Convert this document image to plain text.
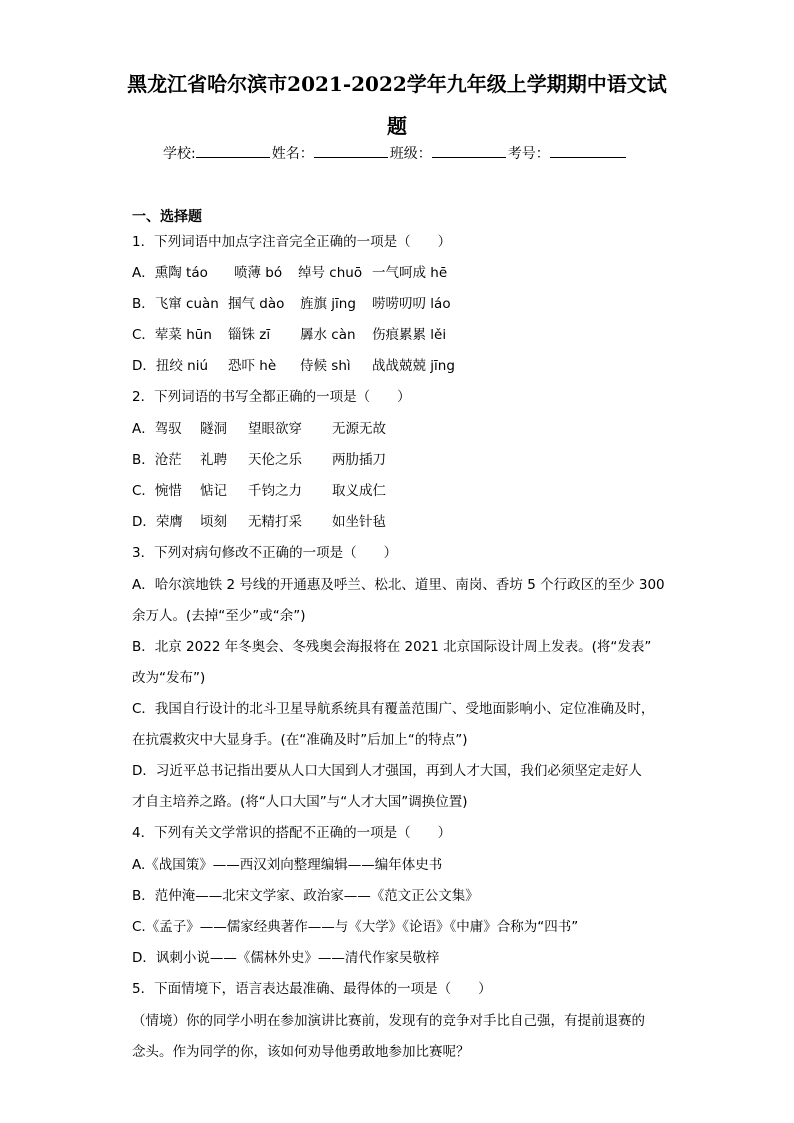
黑龙江省哈尔滨市2021-2022学年九年级上学期期中语文试
题
学校:	姓名：	班级：	考号：
一、选择题
1．下列词语中加点字注音完全正确的一项是（　　）
A．熏陶 táo 喷薄 bó 绰号 chuō 一气呵成 hē
B．飞窜 cuàn 掴气 dào 旌旗 jīng 唠唠叨叨 láo
C．荤菜 hūn 锱铢 zī 羼水 càn 伤痕累累 lěi
D．扭绞 niú 恐吓 hè 侍候 shì 战战兢兢 jīng
2．下列词语的书写全都正确的一项是（　　）
A．驾驭 隧洞 望眼欲穿 无源无故
B．沧茫 礼聘 天伦之乐 两肋插刀
C．惋惜 惦记 千钧之力 取义成仁
D．荣膺 顷刻 无精打采 如坐针毡
3．下列对病句修改不正确的一项是（　　）
A．哈尔滨地铁 2 号线的开通惠及呼兰、松北、道里、南岗、香坊 5 个行政区的至少 300
余万人。(去掉“至少”或“余”)
B．北京 2022 年冬奥会、冬残奥会海报将在 2021 北京国际设计周上发表。(将“发表”
改为“发布”)
C．我国自行设计的北斗卫星导航系统具有覆盖范围广、受地面影响小、定位准确及时，
在抗震救灾中大显身手。(在“准确及时”后加上“的特点”)
D．习近平总书记指出要从人口大国到人才强国，再到人才大国，我们必须坚定走好人
才自主培养之路。(将“人口大国”与“人才大国”调换位置)
4．下列有关文学常识的搭配不正确的一项是（　　）
A.《战国策》——西汉刘向整理编辑——编年体史书
B．范仲淹——北宋文学家、政治家——《范文正公文集》
C.《孟子》——儒家经典著作——与《大学》《论语》《中庸》合称为“四书”
D．讽刺小说——《儒林外史》——清代作家吴敬梓
5．下面情境下，语言表达最准确、最得体的一项是（　　）
（情境）你的同学小明在参加演讲比赛前，发现有的竞争对手比自己强，有提前退赛的
念头。作为同学的你，该如何劝导他勇敢地参加比赛呢？
